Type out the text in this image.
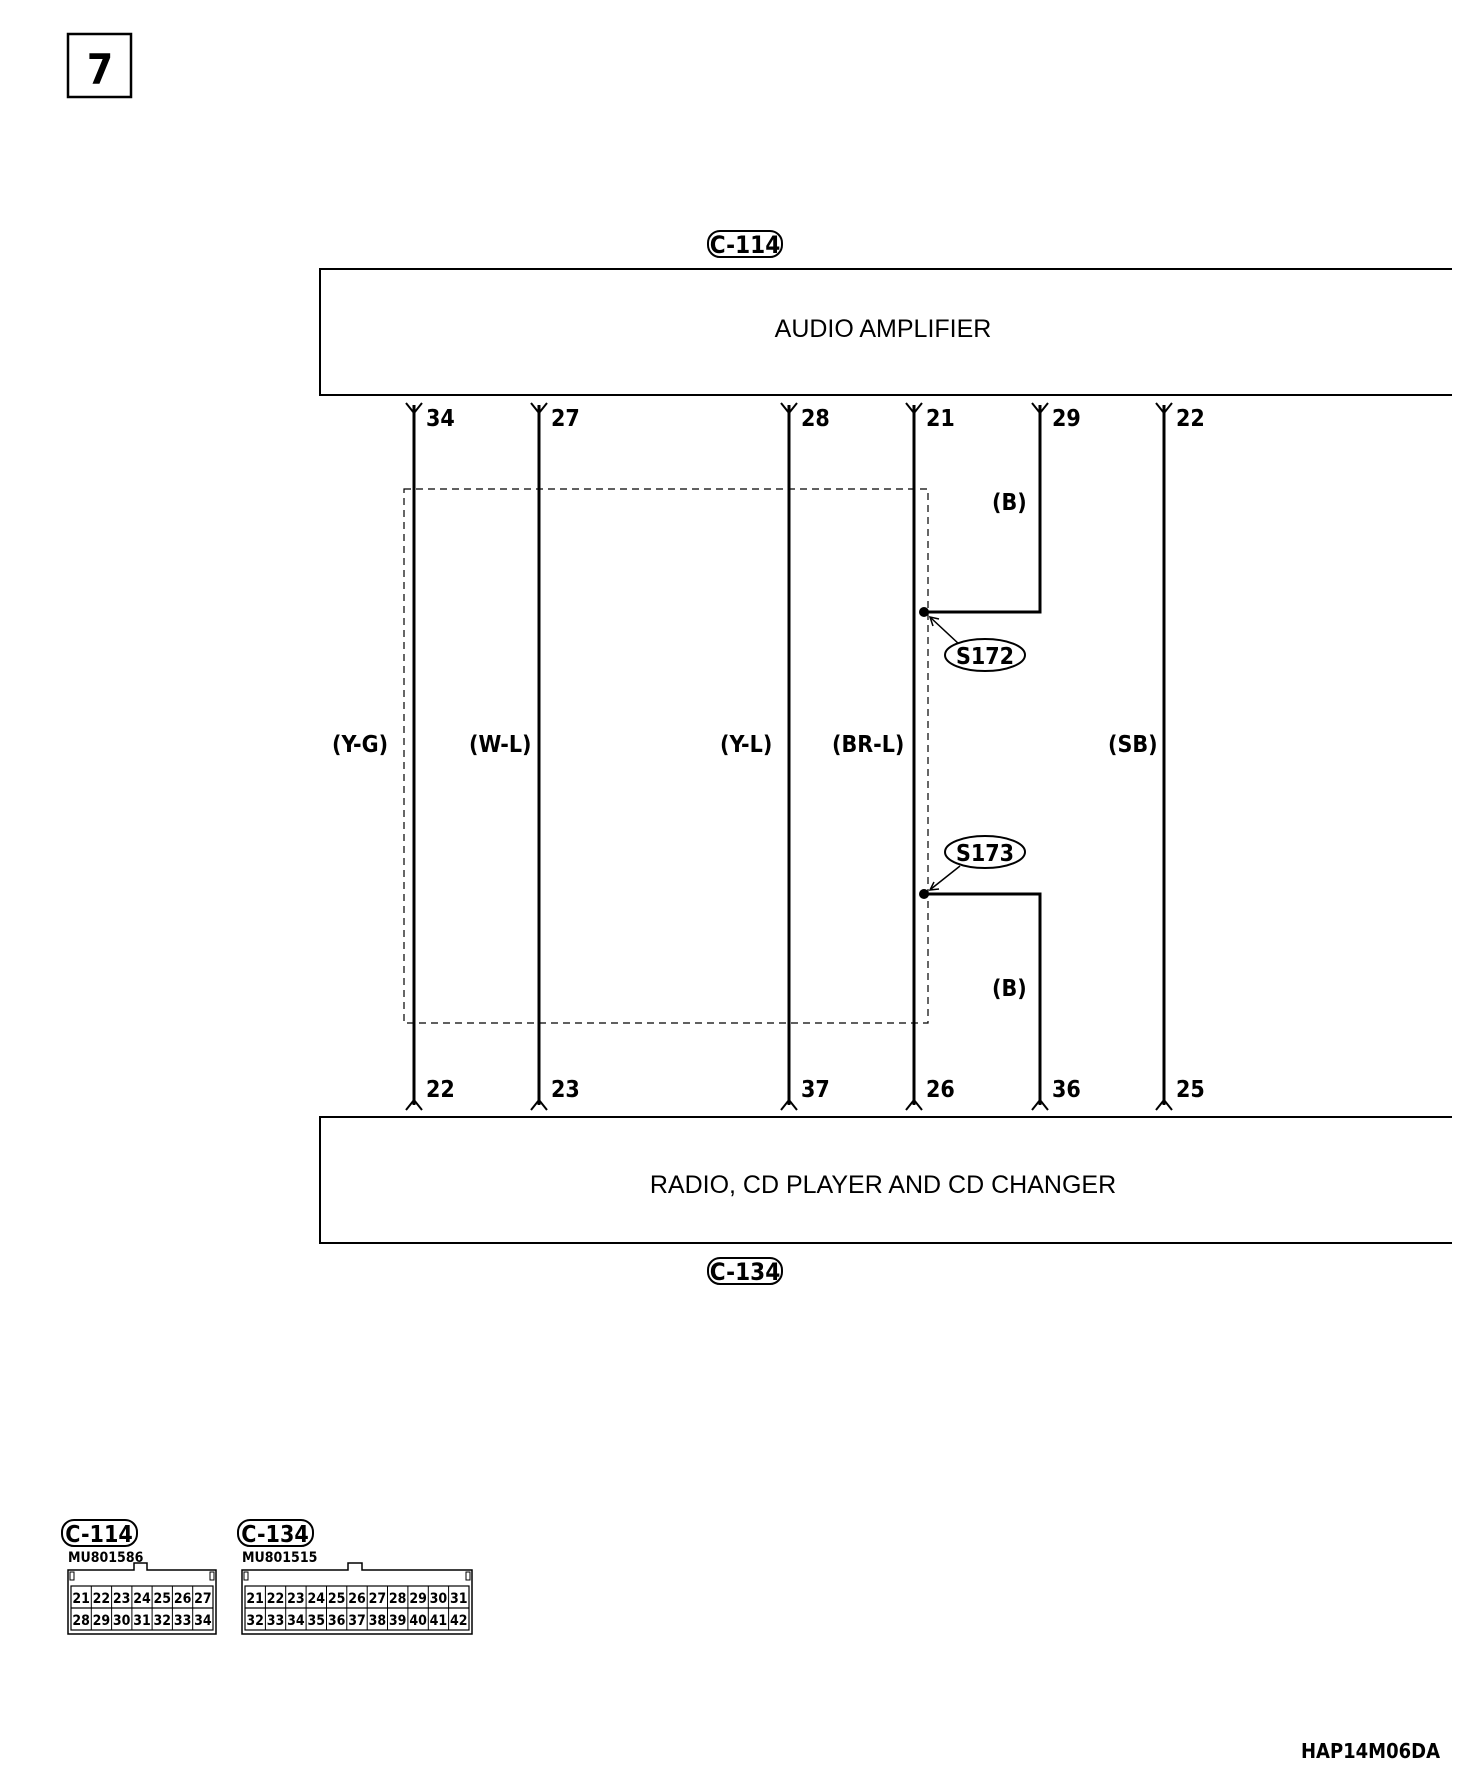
7
C-114
AUDIO AMPLIFIER
RADIO, CD PLAYER AND CD CHANGER
C-134
34
22
(Y-G)
27
23
(W-L)
28
37
(Y-L)
21
26
(BR-L)
29
36
(B)
(B)
22
25
(SB)
S172
S173
C-114
MU801586
21 22 23 24 25 26 27
28 29 30 31 32 33 34
C-134
MU801515
21 22 23 24 25 26 27 28 29 30 31
32 33 34 35 36 37 38 39 40 41 42
HAP14M06DA
